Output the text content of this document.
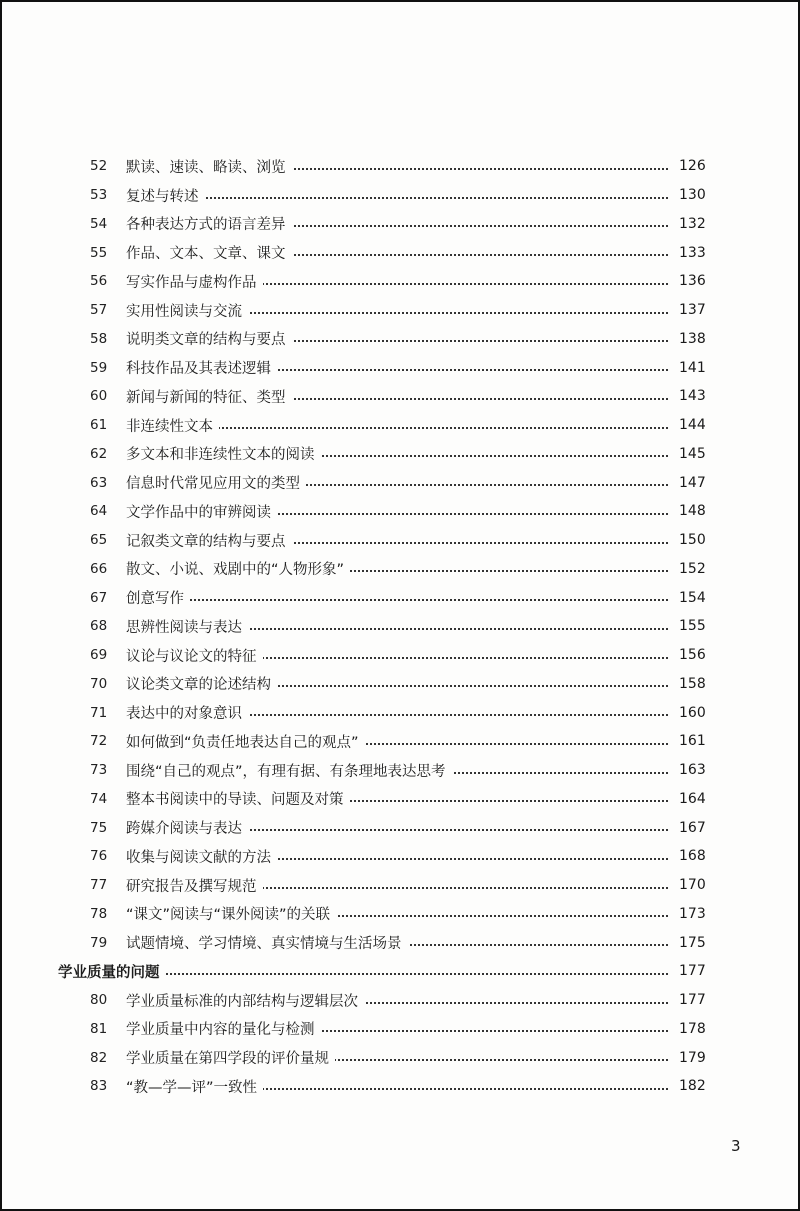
52	默读、速读、略读、浏览	126
53	复述与转述	130
54	各种表达方式的语言差异	132
55	作品、文本、文章、课文	133
56	写实作品与虚构作品	136
57	实用性阅读与交流	137
58	说明类文章的结构与要点	138
59	科技作品及其表述逻辑	141
60	新闻与新闻的特征、类型	143
61	非连续性文本	144
62	多文本和非连续性文本的阅读	145
63	信息时代常见应用文的类型	147
64	文学作品中的审辨阅读	148
65	记叙类文章的结构与要点	150
66	散文、小说、戏剧中的“人物形象”	152
67	创意写作	154
68	思辨性阅读与表达	155
69	议论与议论文的特征	156
70	议论类文章的论述结构	158
71	表达中的对象意识	160
72	如何做到“负责任地表达自己的观点”	161
73	围绕“自己的观点”，有理有据、有条理地表达思考	163
74	整本书阅读中的导读、问题及对策	164
75	跨媒介阅读与表达	167
76	收集与阅读文献的方法	168
77	研究报告及撰写规范	170
78	“课文”阅读与“课外阅读”的关联	173
79	试题情境、学习情境、真实情境与生活场景	175
学业质量的问题	177
80	学业质量标准的内部结构与逻辑层次	177
81	学业质量中内容的量化与检测	178
82	学业质量在第四学段的评价量规	179
83	“教—学—评”一致性	182
3
